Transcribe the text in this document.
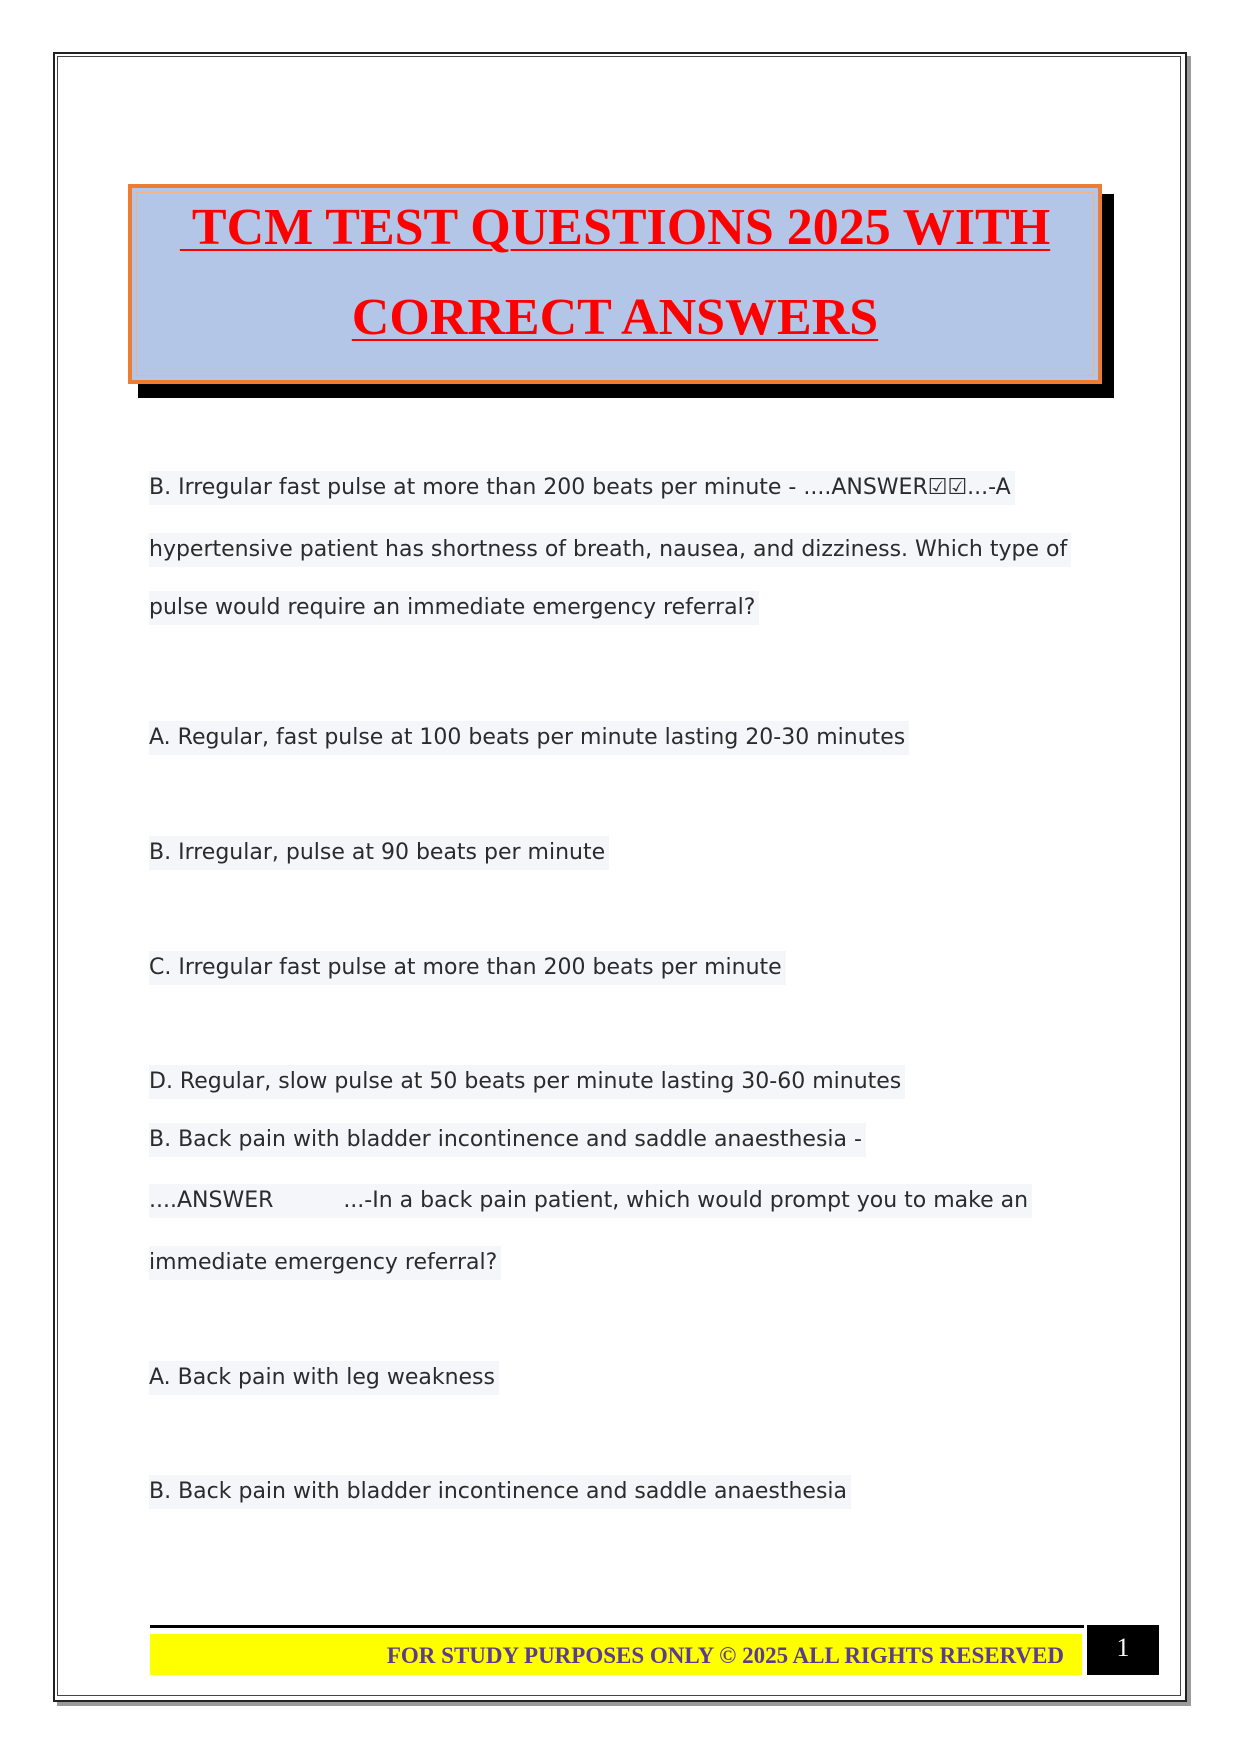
TCM TEST QUESTIONS 2025 WITH
CORRECT ANSWERS
B. Irregular fast pulse at more than 200 beats per minute - ....ANSWER☑☑...-A
hypertensive patient has shortness of breath, nausea, and dizziness. Which type of
pulse would require an immediate emergency referral?
A. Regular, fast pulse at 100 beats per minute lasting 20-30 minutes
B. Irregular, pulse at 90 beats per minute
C. Irregular fast pulse at more than 200 beats per minute
D. Regular, slow pulse at 50 beats per minute lasting 30-60 minutes
B. Back pain with bladder incontinence and saddle anaesthesia -
....ANSWER          ...-In a back pain patient, which would prompt you to make an
immediate emergency referral?
A. Back pain with leg weakness
B. Back pain with bladder incontinence and saddle anaesthesia
FOR STUDY PURPOSES ONLY © 2025 ALL RIGHTS RESERVED	1
